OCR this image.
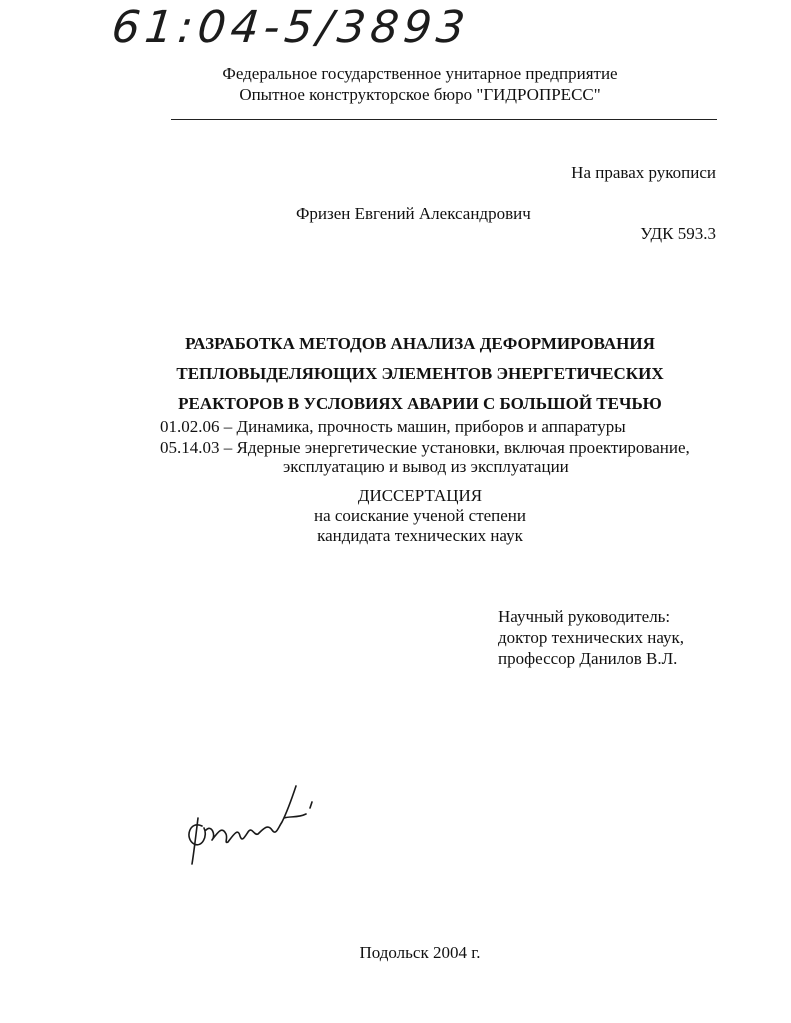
61:04-5/3893
Федеральное государственное унитарное предприятие
Опытное конструкторское бюро "ГИДРОПРЕСС"
На правах рукописи
Фризен Евгений Александрович
УДК 593.3
РАЗРАБОТКА МЕТОДОВ АНАЛИЗА ДЕФОРМИРОВАНИЯ
ТЕПЛОВЫДЕЛЯЮЩИХ ЭЛЕМЕНТОВ ЭНЕРГЕТИЧЕСКИХ
РЕАКТОРОВ В УСЛОВИЯХ АВАРИИ С БОЛЬШОЙ ТЕЧЬЮ
01.02.06 – Динамика, прочность машин, приборов и аппаратуры
05.14.03 – Ядерные энергетические установки, включая проектирование,
эксплуатацию и вывод из эксплуатации
ДИССЕРТАЦИЯ
на соискание ученой степени
кандидата технических наук
Научный руководитель:
доктор технических наук,
профессор Данилов В.Л.
Подольск 2004 г.
